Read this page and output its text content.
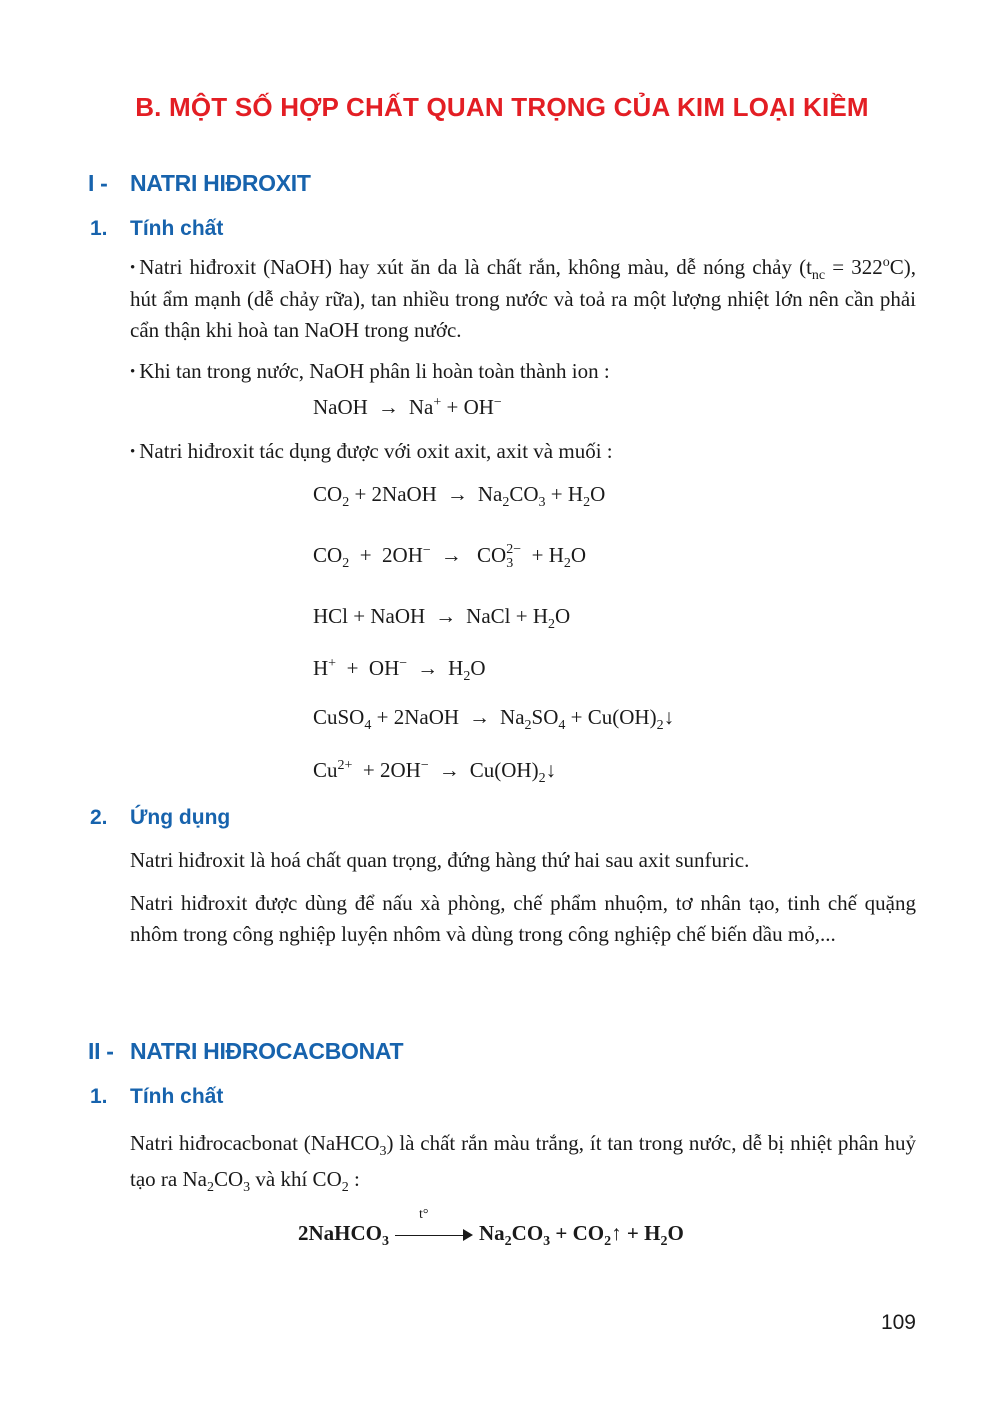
B. MỘT SỐ HỢP CHẤT QUAN TRỌNG CỦA KIM LOẠI KIỀM
I - NATRI HIĐROXIT
1. Tính chất
• Natri hiđroxit (NaOH) hay xút ăn da là chất rắn, không màu, dễ nóng chảy $(t_{nc} = 322^oC)$, hút ẩm mạnh (dễ chảy rữa), tan nhiều trong nước và toả ra một lượng nhiệt lớn nên cần phải cẩn thận khi hoà tan NaOH trong nước.
• Khi tan trong nước, NaOH phân li hoàn toàn thành ion :
NaOH → Na+ + OH−
• Natri hiđroxit tác dụng được với oxit axit, axit và muối :
$CO_2$ + 2NaOH → $Na_2CO_3 + H_2O$
$CO_2 + 2OH^-$ → CO 2−
$3 + H_2O$
HCl + NaOH → NaCl + $H_2O$
$H^+ + OH^- \to H_2O$
CuSO$_4$ + 2NaOH → $Na_2SO_4$ + $Cu(OH)_2↓$
$Cu^{2+} + 2OH^-$ → $Cu(OH)_2↓$
2. Ứng dụng
Natri hiđroxit là hoá chất quan trọng, đứng hàng thứ hai sau axit sunfuric.
Natri hiđroxit được dùng để nấu xà phòng, chế phẩm nhuộm, tơ nhân tạo, tinh chế quặng nhôm trong công nghiệp luyện nhôm và dùng trong công nghiệp chế biến dầu mỏ,...
II - NATRI HIĐROCACBONAT
1. Tính chất
Natri hiđrocacbonat (NaHCO$_3$) là chất rắn màu trắng, ít tan trong nước, dễ bị nhiệt phân huỷ tạo ra $Na_2CO_3$ và khí $CO_2$ :
2NaHCO$_3$
t°
$Na_2CO_3$ + $CO_2↑ + H_2O$
109
